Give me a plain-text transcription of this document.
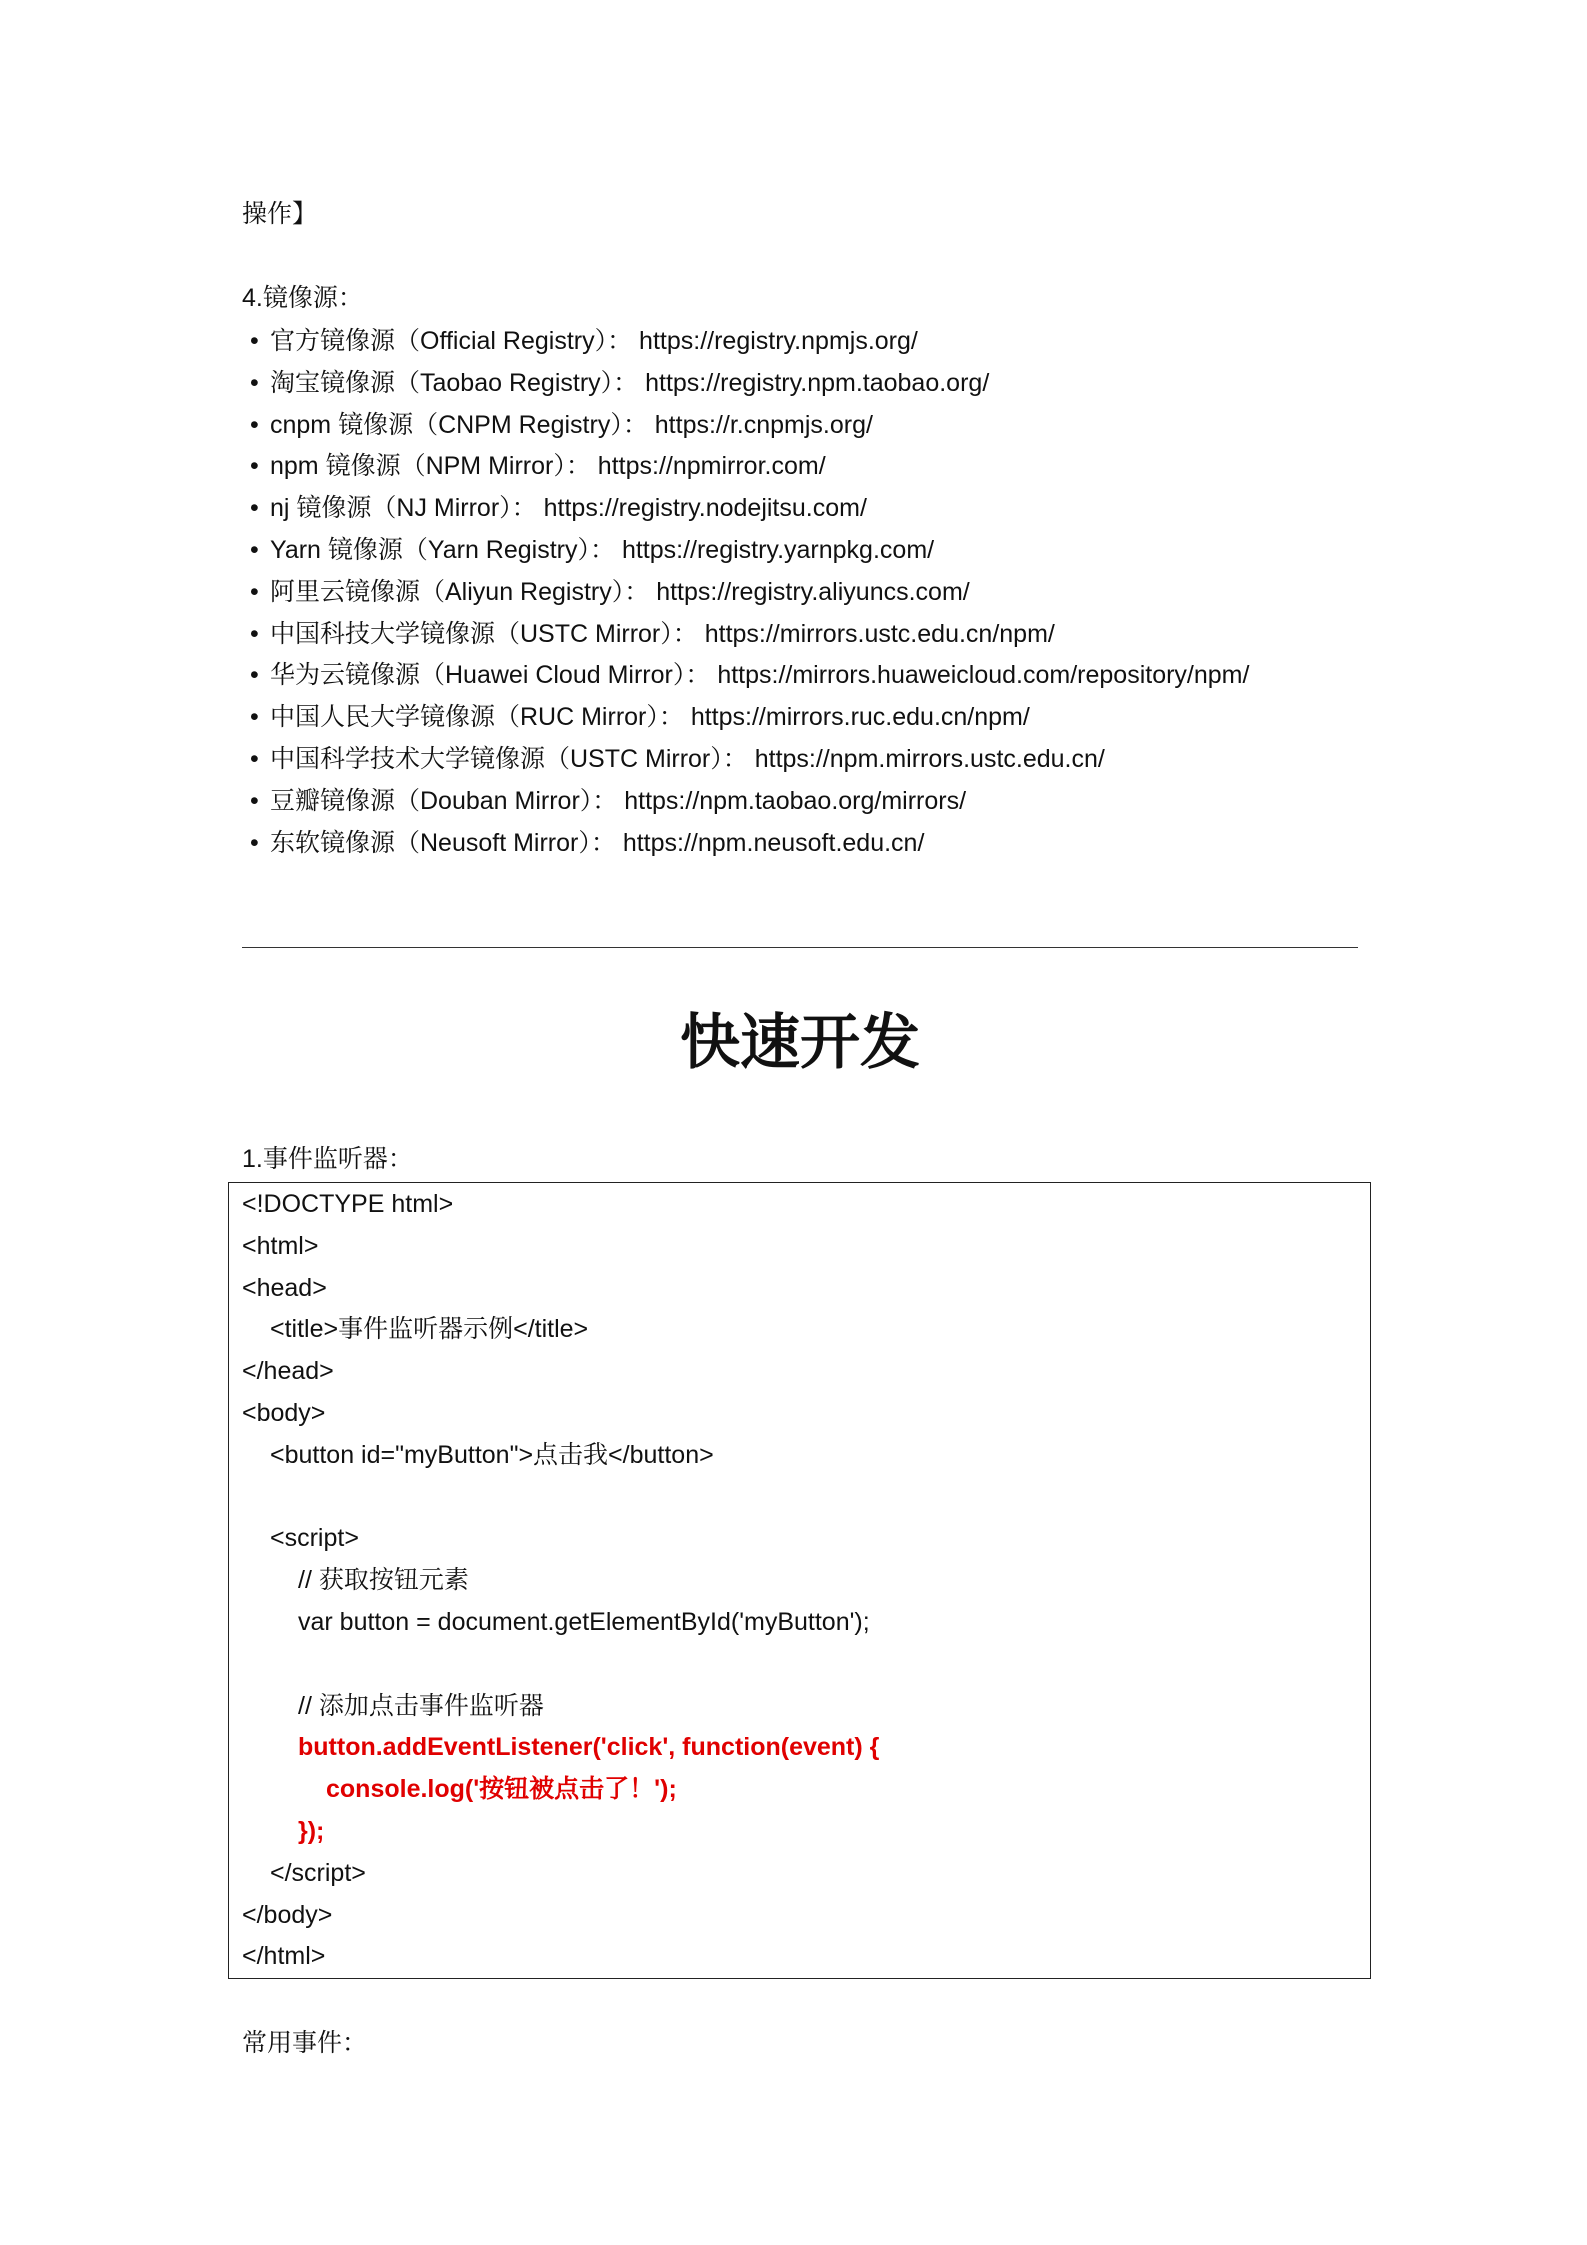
操作】
4.镜像源：
• 官方镜像源（Official Registry）： https://registry.npmjs.org/
• 淘宝镜像源（Taobao Registry）： https://registry.npm.taobao.org/
• cnpm 镜像源（CNPM Registry）： https://r.cnpmjs.org/
• npm 镜像源（NPM Mirror）： https://npmirror.com/
• nj 镜像源（NJ Mirror）： https://registry.nodejitsu.com/
• Yarn 镜像源（Yarn Registry）： https://registry.yarnpkg.com/
• 阿里云镜像源（Aliyun Registry）： https://registry.aliyuncs.com/
• 中国科技大学镜像源（USTC Mirror）： https://mirrors.ustc.edu.cn/npm/
• 华为云镜像源（Huawei Cloud Mirror）： https://mirrors.huaweicloud.com/repository/npm/
• 中国人民大学镜像源（RUC Mirror）： https://mirrors.ruc.edu.cn/npm/
• 中国科学技术大学镜像源（USTC Mirror）： https://npm.mirrors.ustc.edu.cn/
• 豆瓣镜像源（Douban Mirror）： https://npm.taobao.org/mirrors/
• 东软镜像源（Neusoft Mirror）： https://npm.neusoft.edu.cn/
快速开发
1.事件监听器：
<!DOCTYPE html>
<html>
<head>
<title>事件监听器示例</title>
</head>
<body>
<button id="myButton">点击我</button>
<script>
// 获取按钮元素
var button = document.getElementById('myButton');
// 添加点击事件监听器
button.addEventListener('click', function(event) {
console.log('按钮被点击了！');
});
</script>
</body>
</html>
常用事件：
